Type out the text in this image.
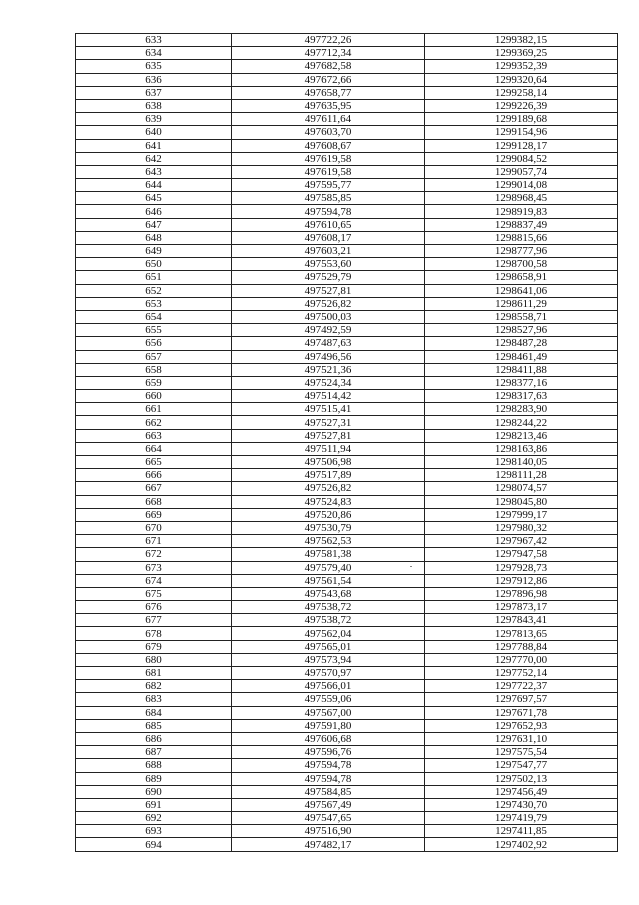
633	497722,26	1299382,15
634	497712,34	1299369,25
635	497682,58	1299352,39
636	497672,66	1299320,64
637	497658,77	1299258,14
638	497635,95	1299226,39
639	497611,64	1299189,68
640	497603,70	1299154,96
641	497608,67	1299128,17
642	497619,58	1299084,52
643	497619,58	1299057,74
644	497595,77	1299014,08
645	497585,85	1298968,45
646	497594,78	1298919,83
647	497610,65	1298837,49
648	497608,17	1298815,66
649	497603,21	1298777,96
650	497553,60	1298700,58
651	497529,79	1298658,91
652	497527,81	1298641,06
653	497526,82	1298611,29
654	497500,03	1298558,71
655	497492,59	1298527,96
656	497487,63	1298487,28
657	497496,56	1298461,49
658	497521,36	1298411,88
659	497524,34	1298377,16
660	497514,42	1298317,63
661	497515,41	1298283,90
662	497527,31	1298244,22
663	497527,81	1298213,46
664	497511,94	1298163,86
665	497506,98	1298140,05
666	497517,89	1298111,28
667	497526,82	1298074,57
668	497524,83	1298045,80
669	497520,86	1297999,17
670	497530,79	1297980,32
671	497562,53	1297967,42
672	497581,38	1297947,58
673	497579,40	1297928,73
674	497561,54	1297912,86
675	497543,68	1297896,98
676	497538,72	1297873,17
677	497538,72	1297843,41
678	497562,04	1297813,65
679	497565,01	1297788,84
680	497573,94	1297770,00
681	497570,97	1297752,14
682	497566,01	1297722,37
683	497559,06	1297697,57
684	497567,00	1297671,78
685	497591,80	1297652,93
686	497606,68	1297631,10
687	497596,76	1297575,54
688	497594,78	1297547,77
689	497594,78	1297502,13
690	497584,85	1297456,49
691	497567,49	1297430,70
692	497547,65	1297419,79
693	497516,90	1297411,85
694	497482,17	1297402,92
